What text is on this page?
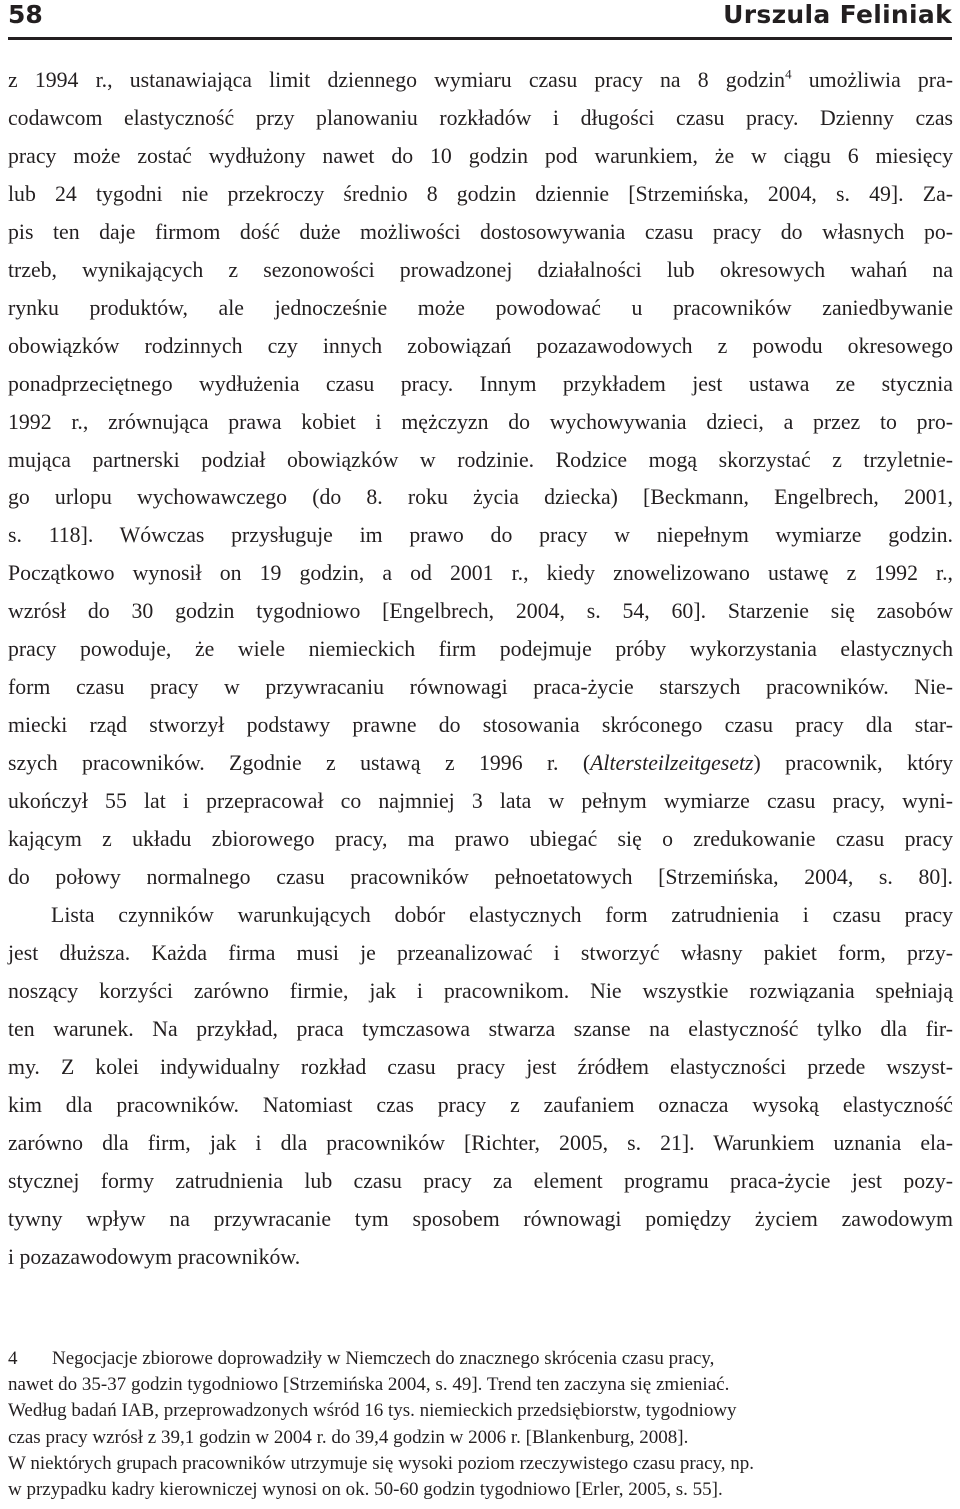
58	Urszula Feliniak

z 1994 r., ustanawiająca limit dziennego wymiaru czasu pracy na 8 godzin$^4$ umożliwia pra-
codawcom elastyczność przy planowaniu rozkładów i długości czasu pracy. Dzienny czas
pracy może zostać wydłużony nawet do 10 godzin pod warunkiem, że w ciągu 6 miesięcy
lub 24 tygodni nie przekroczy średnio 8 godzin dziennie [Strzemińska, 2004, s. 49]. Za-
pis ten daje firmom dość duże możliwości dostosowywania czasu pracy do własnych po-
trzeb, wynikających z sezonowości prowadzonej działalności lub okresowych wahań na
rynku produktów, ale jednocześnie może powodować u pracowników zaniedbywanie
obowiązków rodzinnych czy innych zobowiązań pozazawodowych z powodu okresowego
ponadprzeciętnego wydłużenia czasu pracy. Innym przykładem jest ustawa ze stycznia
1992 r., zrównująca prawa kobiet i mężczyzn do wychowywania dzieci, a przez to pro-
mująca partnerski podział obowiązków w rodzinie. Rodzice mogą skorzystać z trzyletnie-
go urlopu wychowawczego (do 8. roku życia dziecka) [Beckmann, Engelbrech, 2001,
s. 118]. Wówczas przysługuje im prawo do pracy w niepełnym wymiarze godzin.
Początkowo wynosił on 19 godzin, a od 2001 r., kiedy znowelizowano ustawę z 1992 r.,
wzrósł do 30 godzin tygodniowo [Engelbrech, 2004, s. 54, 60]. Starzenie się zasobów
pracy powoduje, że wiele niemieckich firm podejmuje próby wykorzystania elastycznych
form czasu pracy w przywracaniu równowagi praca-życie starszych pracowników. Nie-
miecki rząd stworzył podstawy prawne do stosowania skróconego czasu pracy dla star-
szych pracowników. Zgodnie z ustawą z 1996 r. (Altersteilzeitgesetz) pracownik, który
ukończył 55 lat i przepracował co najmniej 3 lata w pełnym wymiarze czasu pracy, wyni-
kającym z układu zbiorowego pracy, ma prawo ubiegać się o zredukowanie czasu pracy
do połowy normalnego czasu pracowników pełnoetatowych [Strzemińska, 2004, s. 80].

Lista czynników warunkujących dobór elastycznych form zatrudnienia i czasu pracy
jest dłuższa. Każda firma musi je przeanalizować i stworzyć własny pakiet form, przy-
noszący korzyści zarówno firmie, jak i pracownikom. Nie wszystkie rozwiązania spełniają
ten warunek. Na przykład, praca tymczasowa stwarza szanse na elastyczność tylko dla fir-
my. Z kolei indywidualny rozkład czasu pracy jest źródłem elastyczności przede wszyst-
kim dla pracowników. Natomiast czas pracy z zaufaniem oznacza wysoką elastyczność
zarówno dla firm, jak i dla pracowników [Richter, 2005, s. 21]. Warunkiem uznania ela-
stycznej formy zatrudnienia lub czasu pracy za element programu praca-życie jest pozy-
tywny wpływ na przywracanie tym sposobem równowagi pomiędzy życiem zawodowym
i pozazawodowym pracowników.

4 Negocjacje zbiorowe doprowadziły w Niemczech do znacznego skrócenia czasu pracy,
nawet do 35-37 godzin tygodniowo [Strzemińska 2004, s. 49]. Trend ten zaczyna się zmieniać.
Według badań IAB, przeprowadzonych wśród 16 tys. niemieckich przedsiębiorstw, tygodniowy
czas pracy wzrósł z 39,1 godzin w 2004 r. do 39,4 godzin w 2006 r. [Blankenburg, 2008].
W niektórych grupach pracowników utrzymuje się wysoki poziom rzeczywistego czasu pracy, np.
w przypadku kadry kierowniczej wynosi on ok. 50-60 godzin tygodniowo [Erler, 2005, s. 55].
